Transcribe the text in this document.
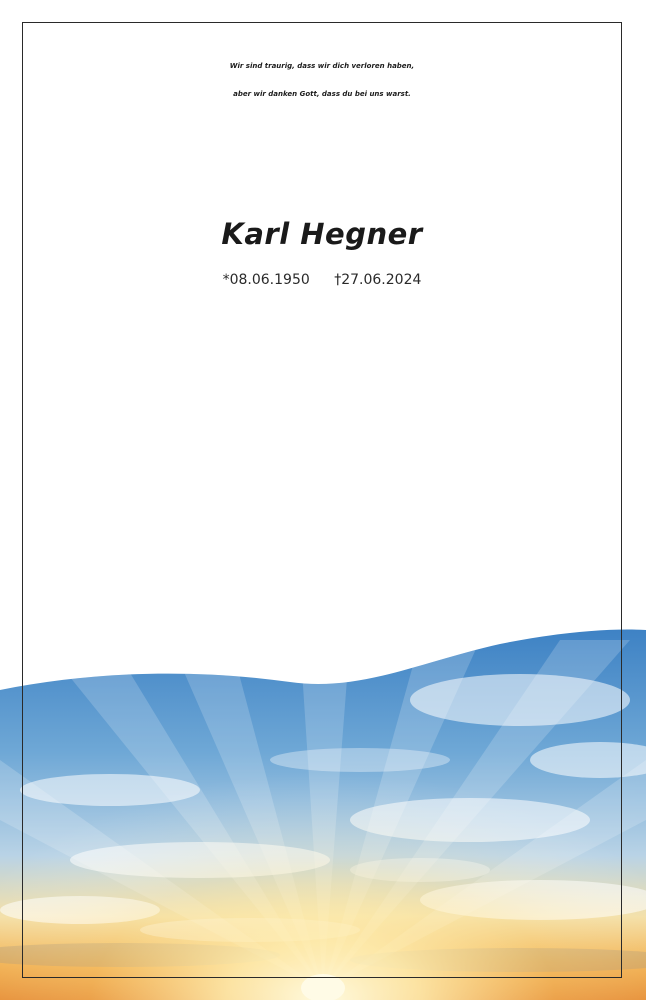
Wir sind traurig, dass wir dich verloren haben,
aber wir danken Gott, dass du bei uns warst.
Karl Hegner
*08.06.1950 †27.06.2024
